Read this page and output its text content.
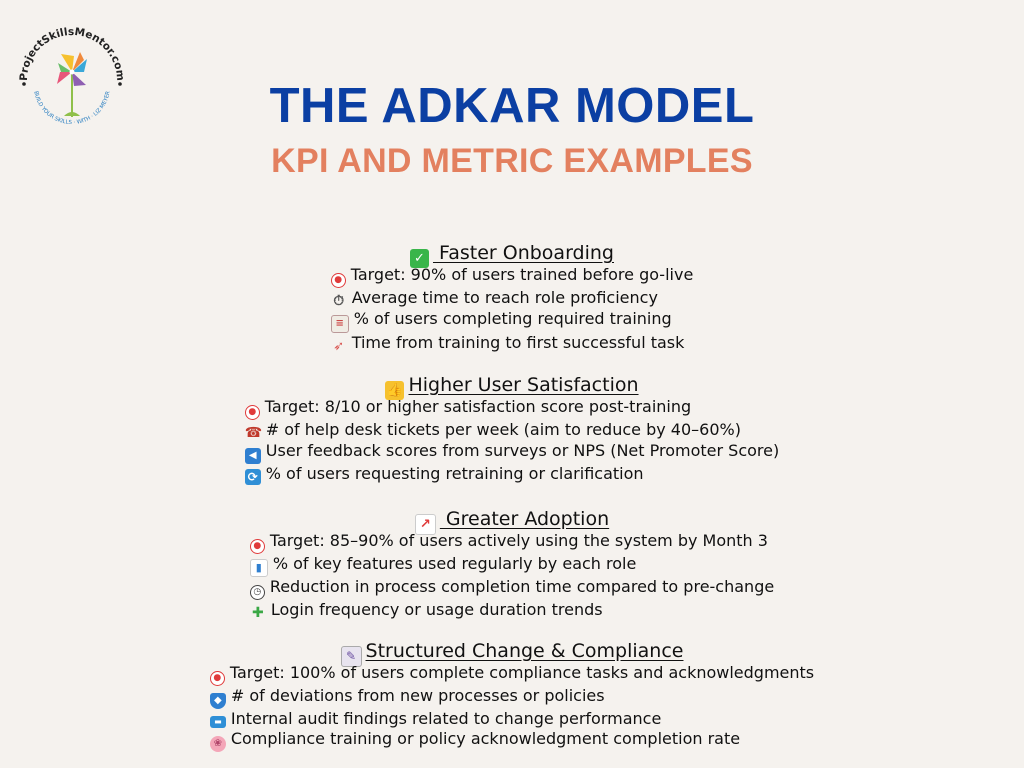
ProjectSkillsMentor.com
BUILD YOUR SKILLS · WITH · LIZ MEYER	THE ADKAR MODEL
KPI AND METRIC EXAMPLES
✓ Faster Onboarding
● Target: 90% of users trained before go-live
⏱ Average time to reach role proficiency
≡ % of users completing required training
➶ Time from training to first successful task
👍 Higher User Satisfaction
● Target: 8/10 or higher satisfaction score post-training
☎ # of help desk tickets per week (aim to reduce by 40–60%)
◀ User feedback scores from surveys or NPS (Net Promoter Score)
⟳ % of users requesting retraining or clarification
↗ Greater Adoption
● Target: 85–90% of users actively using the system by Month 3
▮ % of key features used regularly by each role
◷ Reduction in process completion time compared to pre-change
✚ Login frequency or usage duration trends
✎ Structured Change & Compliance
● Target: 100% of users complete compliance tasks and acknowledgments
◆ # of deviations from new processes or policies
▬ Internal audit findings related to change performance
❀ Compliance training or policy acknowledgment completion rate
